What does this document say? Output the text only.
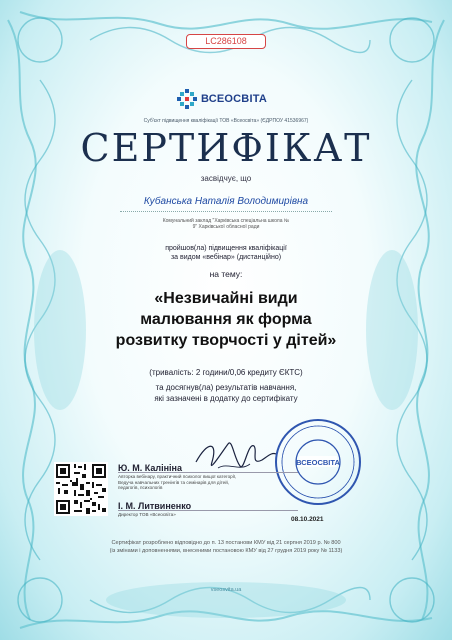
LC286108
ВСЕОСВІТА
Суб'єкт підвищення кваліфікації ТОВ «Всеосвіта» (ЄДРПОУ 41536967)
СЕРТИФІКАТ
засвідчує, що
Кубанська Наталія Володимирівна
Комунальний заклад "Харківська спеціальна школа №
9" Харківської обласної ради
пройшов(ла) підвищення кваліфікації
за видом «вебінар» (дистанційно)
на тему:
«Незвичайні види
малювання як форма
розвитку творчості у дітей»
(тривалість: 2 години/0,06 кредиту ЄКТС)
та досягнув(ла) результатів навчання,
які зазначені в додатку до сертифікату
ВСЕОСВІТА
Ю. М. Калініна
Авторка вебінару, практичний психолог вищої категорії,
Ведуча навчальних тренінгів та семінарів для дітей,
педагогів, психологів
І. М. Литвиненко
Директор ТОВ «Всеосвіта»
08.10.2021
Сертифікат розроблено відповідно до п. 13 постанови КМУ від 21 серпня 2019 р. № 800
(із змінами і доповненнями, внесеними постановою КМУ від 27 грудня 2019 року № 1133)
vseosvita.ua
